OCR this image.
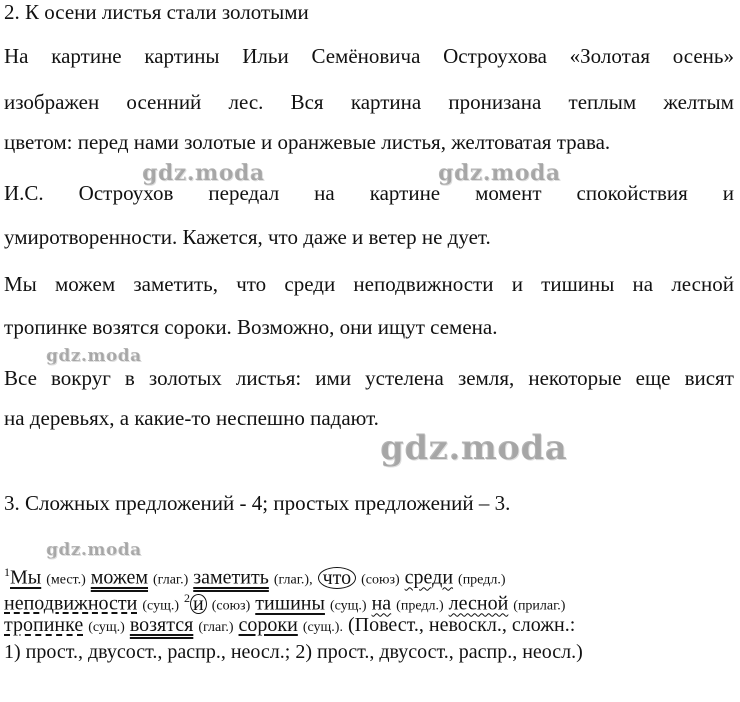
2. К осени листья стали золотыми
На картине картины Ильи Семёновича Остроухова «Золотая осень»
изображен осенний лес. Вся картина пронизана теплым желтым
цветом: перед нами золотые и оранжевые листья, желтоватая трава.
И.С. Остроухов передал на картине момент спокойствия и
умиротворенности. Кажется, что даже и ветер не дует.
Мы можем заметить, что среди неподвижности и тишины на лесной
тропинке возятся сороки. Возможно, они ищут семена.
Все вокруг в золотых листья: ими устелена земля, некоторые еще висят
на деревьях, а какие-то неспешно падают.
3. Сложных предложений - 4; простых предложений – 3.
$^1$Мы (мест.) можем (глаг.) заметить (глаг.), что (союз) среди (предл.)
неподвижности (сущ.) $^2$ и (союз) тишины (сущ.) на (предл.) лесной (прилаг.)
тропинке (сущ.) возятся (глаг.) сороки (сущ.). (Повест., невоскл., сложн.:
1) прост., двусост., распр., неосл.; 2) прост., двусост., распр., неосл.)
gdz.moda	gdz.moda
gdz.moda
gdz.moda
gdz.moda
